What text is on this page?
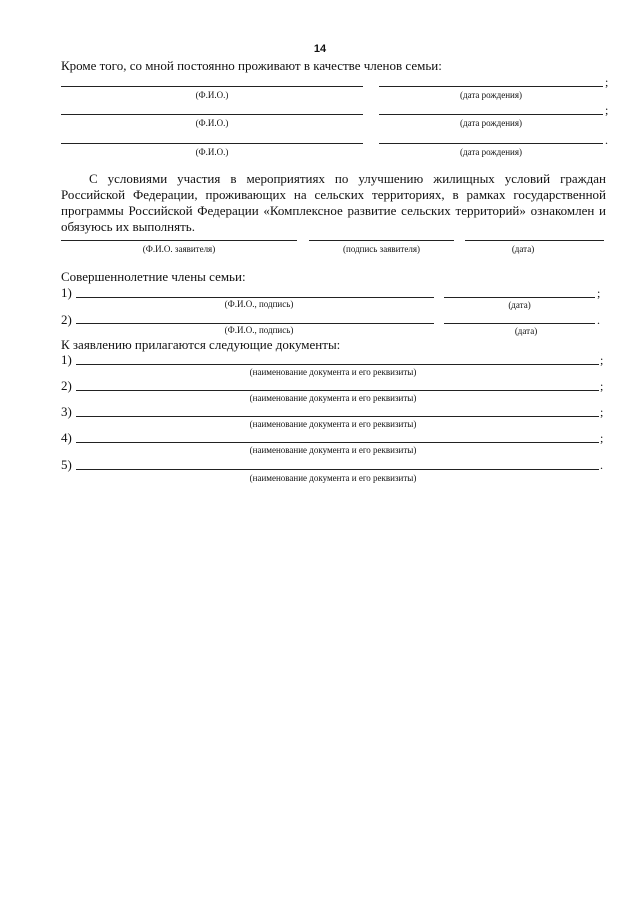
14
Кроме того, со мной постоянно проживают в качестве членов семьи:
;
(Ф.И.О.)	(дата рождения)
;
(Ф.И.О.)	(дата рождения)
.
(Ф.И.О.)	(дата рождения)
С условиями участия в мероприятиях по улучшению жилищных условий граждан
Российской Федерации, проживающих на сельских территориях, в рамках государственной
программы Российской Федерации «Комплексное развитие сельских территорий» ознакомлен и
обязуюсь их выполнять.
(Ф.И.О. заявителя)	(подпись заявителя)	(дата)
Совершеннолетние члены семьи:
1)	;
(Ф.И.О., подпись)	(дата)
2)	.
(Ф.И.О., подпись)	(дата)
К заявлению прилагаются следующие документы:
1)	;
(наименование документа и его реквизиты)
2)	;
(наименование документа и его реквизиты)
3)	;
(наименование документа и его реквизиты)
4)	;
(наименование документа и его реквизиты)
5)	.
(наименование документа и его реквизиты)
